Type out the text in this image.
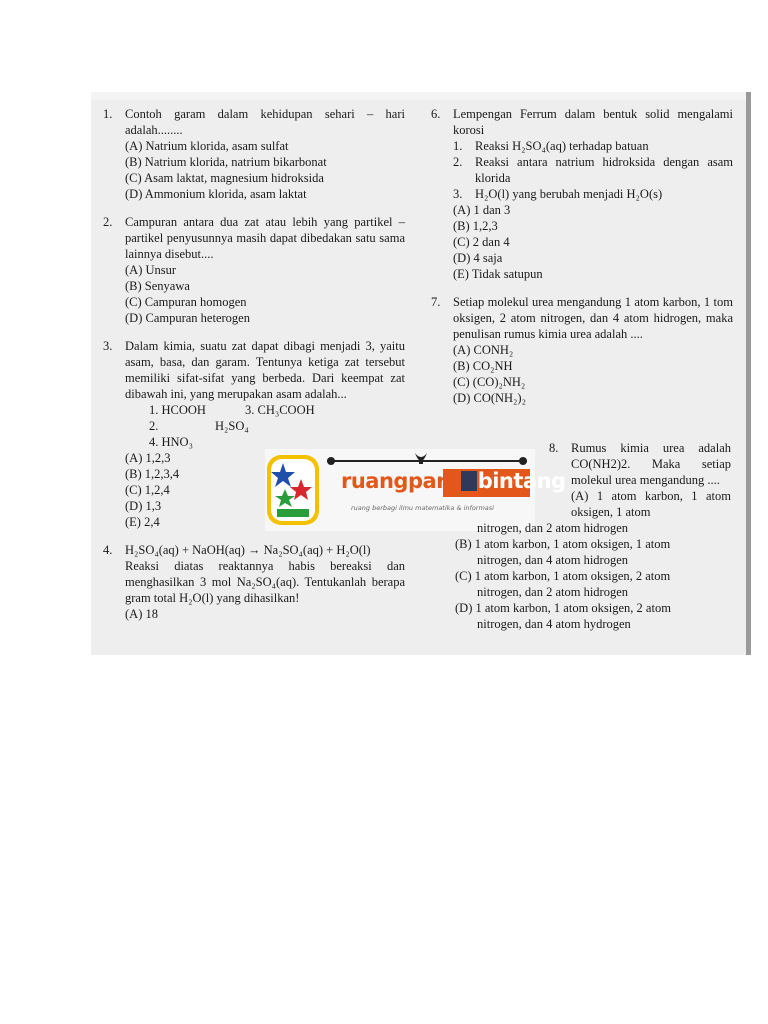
1.	Contoh garam dalam kehidupan sehari – hari adalah........
(A) Natrium klorida, asam sulfat
(B) Natrium klorida, natrium bikarbonat
(C) Asam laktat, magnesium hidroksida
(D) Ammonium klorida, asam laktat
2.	Campuran antara dua zat atau lebih yang partikel – partikel penyusunnya masih dapat dibedakan satu sama lainnya disebut....
(A) Unsur
(B) Senyawa
(C) Campuran homogen
(D) Campuran heterogen
3.	Dalam kimia, suatu zat dapat dibagi menjadi 3, yaitu asam, basa, dan garam. Tentunya ketiga zat tersebut memiliki sifat-sifat yang berbeda. Dari keempat zat dibawah ini, yang merupakan asam adalah...
1. HCOOH	3. CH₃COOH
2.	H₂SO₄
4. HNO₃
(A) 1,2,3
(B) 1,2,3,4
(C) 1,2,4
(D) 1,3
(E) 2,4
4.	H₂SO₄(aq) + NaOH(aq) → Na₂SO₄(aq) + H₂O(l)
Reaksi diatas reaktannya habis bereaksi dan menghasilkan 3 mol Na₂SO₄(aq). Tentukanlah berapa gram total H₂O(l) yang dihasilkan!
(A) 18
6.	Lempengan Ferrum dalam bentuk solid mengalami korosi
1.	Reaksi H₂SO₄(aq) terhadap batuan
2.	Reaksi antara natrium hidroksida dengan asam klorida
3.	H₂O(l) yang berubah menjadi H₂O(s)
(A) 1 dan 3
(B) 1,2,3
(C) 2 dan 4
(D) 4 saja
(E) Tidak satupun
7.	Setiap molekul urea mengandung 1 atom karbon, 1 tom oksigen, 2 atom nitrogen, dan 4 atom hidrogen, maka penulisan rumus kimia urea adalah ....
(A) CONH₂
(B) CO₂NH
(C) (CO)₂NH₂
(D) CO(NH₂)₂
ruangpara bintang
ruang berbagi ilmu matematika & informasi
8.	Rumus kimia urea adalah CO(NH2)2. Maka setiap molekul urea mengandung ....
(A) 1 atom karbon, 1 atom oksigen, 1 atom
nitrogen, dan 2 atom hidrogen
(B) 1 atom karbon, 1 atom oksigen, 1 atom
nitrogen, dan 4 atom hidrogen
(C) 1 atom karbon, 1 atom oksigen, 2 atom
nitrogen, dan 2 atom hidrogen
(D) 1 atom karbon, 1 atom oksigen, 2 atom
nitrogen, dan 4 atom hydrogen
